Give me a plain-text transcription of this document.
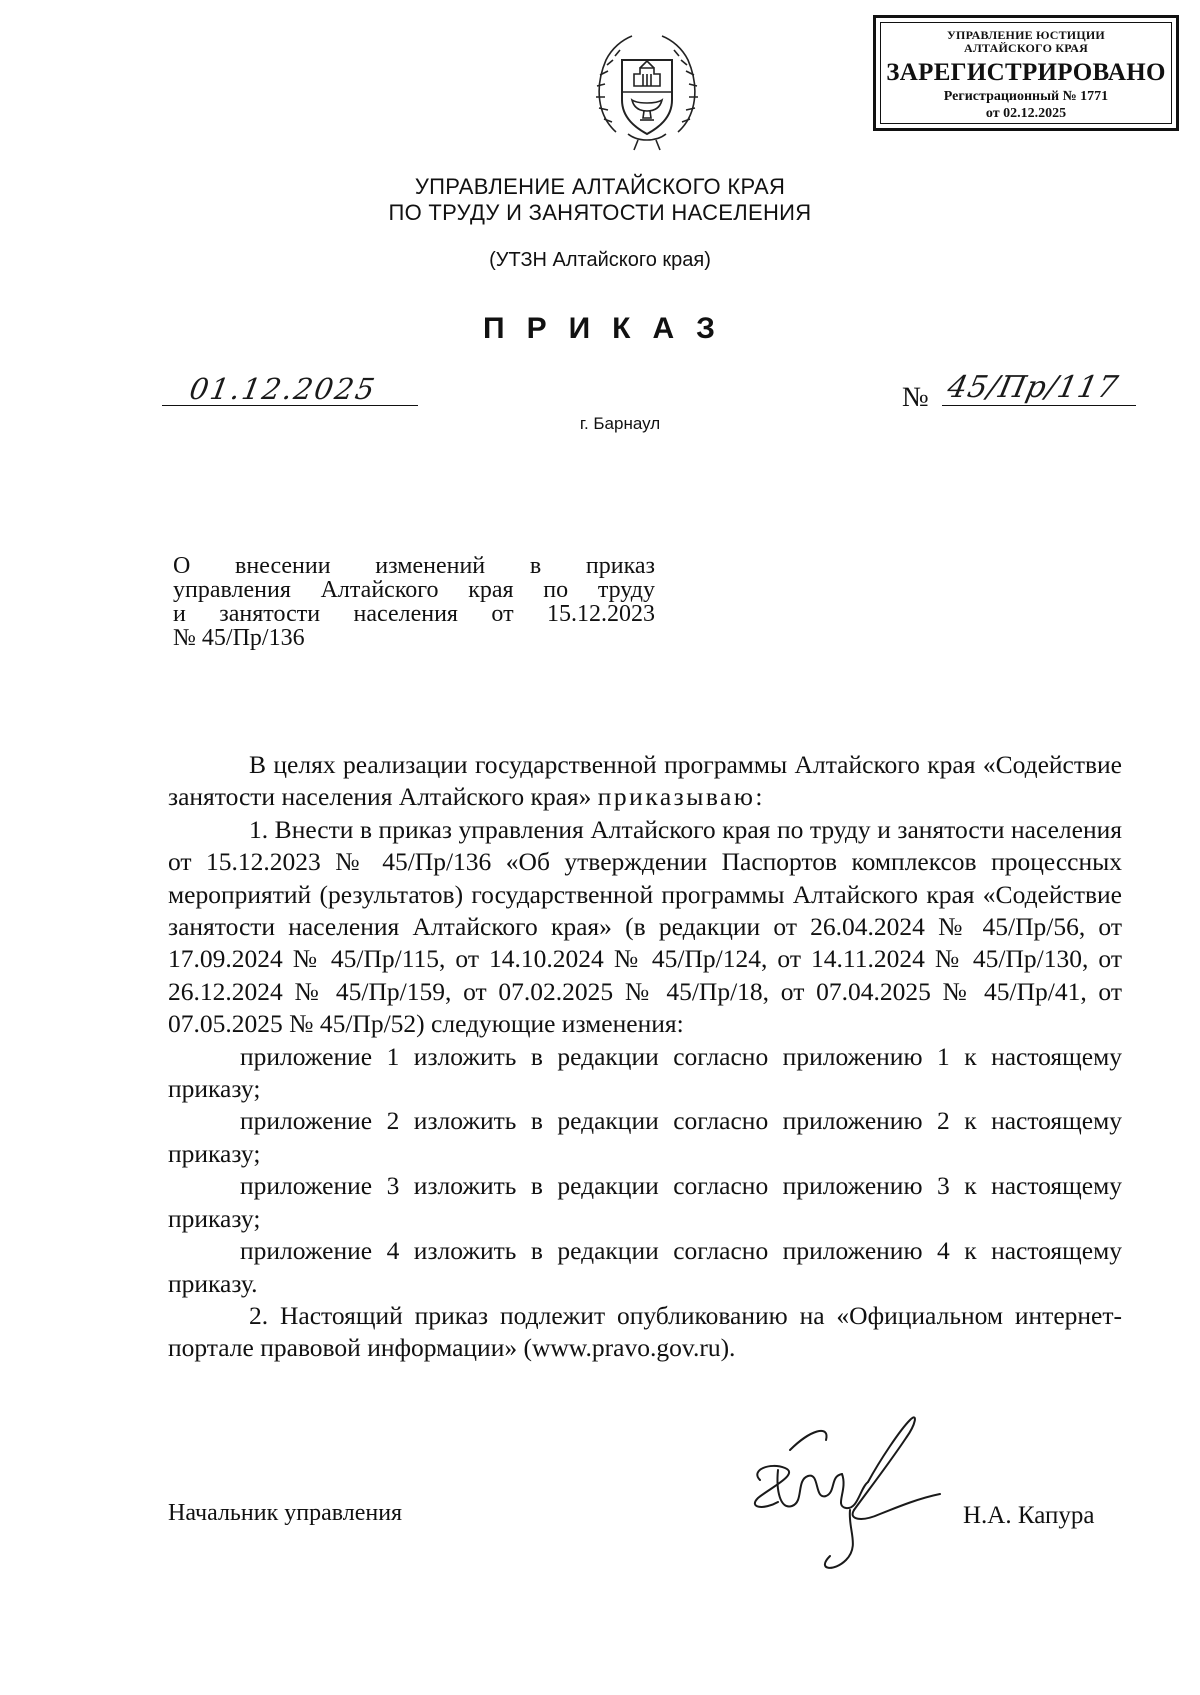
УПРАВЛЕНИЕ ЮСТИЦИИ
АЛТАЙСКОГО КРАЯ
ЗАРЕГИСТРИРОВАНО
Регистрационный № 1771
от 02.12.2025
УПРАВЛЕНИЕ АЛТАЙСКОГО КРАЯ
ПО ТРУДУ И ЗАНЯТОСТИ НАСЕЛЕНИЯ
(УТЗН Алтайского края)
ПРИКАЗ
01.12.2025	№ 45/Пр/117
г. Барнаул
О внесении изменений в приказ
управления Алтайского края по труду
и занятости населения от 15.12.2023
№ 45/Пр/136

В целях реализации государственной программы Алтайского края «Содействие занятости населения Алтайского края» приказываю:

1. Внести в приказ управления Алтайского края по труду и занятости населения от 15.12.2023 № 45/Пр/136 «Об утверждении Паспортов комплексов процессных мероприятий (результатов) государственной программы Алтайского края «Содействие занятости населения Алтайского края» (в редакции от 26.04.2024 № 45/Пр/56, от 17.09.2024 № 45/Пр/115, от 14.10.2024 № 45/Пр/124, от 14.11.2024 № 45/Пр/130, от 26.12.2024 № 45/Пр/159, от 07.02.2025 № 45/Пр/18, от 07.04.2025 № 45/Пр/41, от 07.05.2025 № 45/Пр/52) следующие изменения:

приложение 1 изложить в редакции согласно приложению 1 к настоящему приказу;

приложение 2 изложить в редакции согласно приложению 2 к настоящему приказу;

приложение 3 изложить в редакции согласно приложению 3 к настоящему приказу;

приложение 4 изложить в редакции согласно приложению 4 к настоящему приказу.

2. Настоящий приказ подлежит опубликованию на «Официальном интернет-портале правовой информации» (www.pravo.gov.ru).

Начальник управления	Н.А. Капура
